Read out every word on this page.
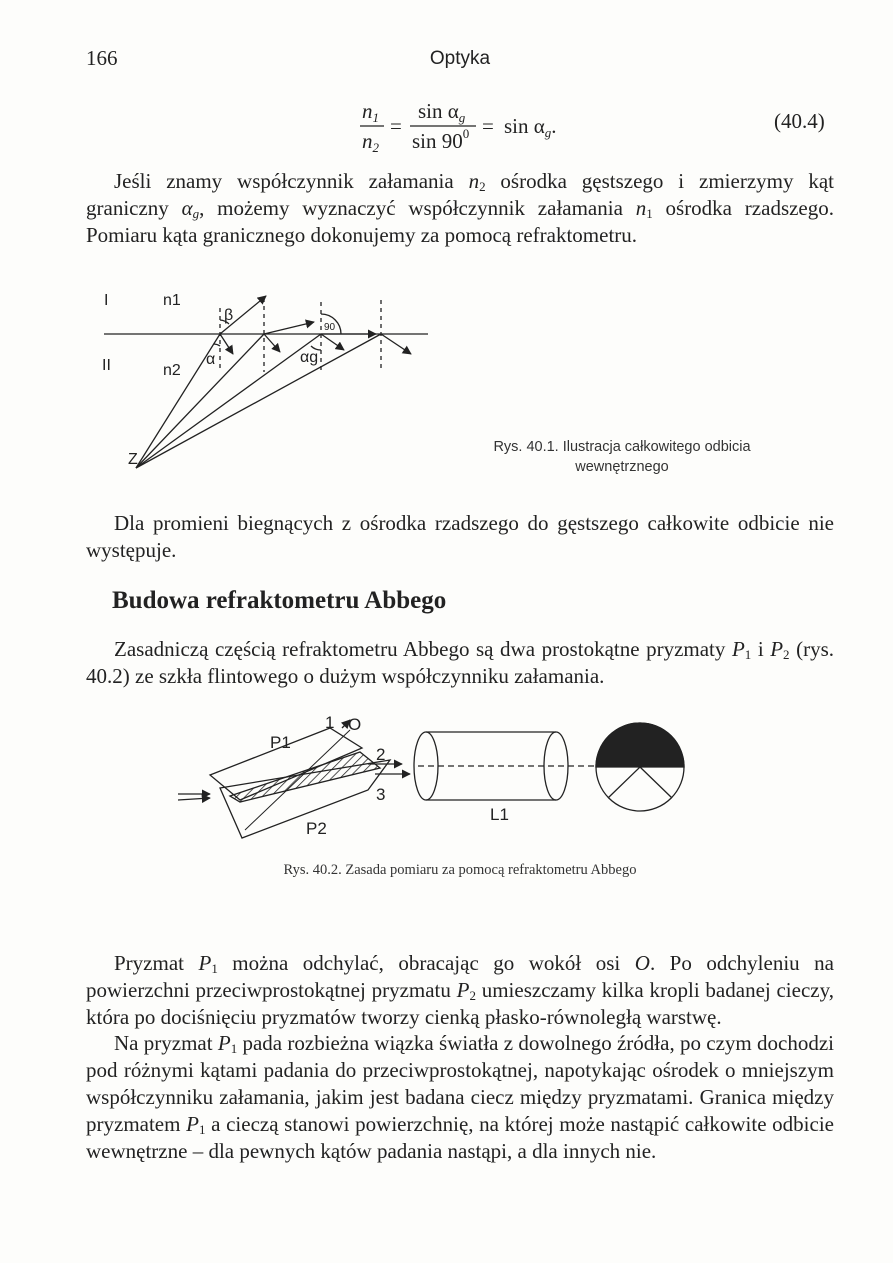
166	Optyka
n1
n2
=
sin αg
$\sin 90^0 = \sin \alpha g$.	(40.4)

Jeśli znamy współczynnik załamania $n_2$ ośrodka gęstszego i zmierzymy kąt graniczny $\alpha_g$, możemy wyznaczyć współczynnik załamania $n_1$ ośrodka rzadszego. Pomiaru kąta granicznego dokonujemy za pomocą refraktometru.

I
II
n1
n2
β
α
90
αg
Z
Rys. 40.1. Ilustracja całkowitego odbicia
wewnętrznego

Dla promieni biegnących z ośrodka rzadszego do gęstszego całkowite odbicie nie występuje.

Budowa refraktometru Abbego

Zasadniczą częścią refraktometru Abbego są dwa prostokątne pryzmaty $P_1$ i $P_2$ (rys. 40.2) ze szkła flintowego o dużym współczynniku załamania.

1 O
P1
2
3
P2
L1
Rys. 40.2. Zasada pomiaru za pomocą refraktometru Abbego

Pryzmat $P_1$ można odchylać, obracając go wokół osi O. Po odchyleniu na powierzchni przeciwprostokątnej pryzmatu $P_2$ umieszczamy kilka kropli badanej cieczy, która po dociśnięciu pryzmatów tworzy cienką płasko-równoległą warstwę.

Na pryzmat $P_1$ pada rozbieżna wiązka światła z dowolnego źródła, po czym dochodzi pod różnymi kątami padania do przeciwprostokątnej, napotykając ośrodek o mniejszym współczynniku załamania, jakim jest badana ciecz między pryzmatami. Granica między pryzmatem $P_1$ a cieczą stanowi powierzchnię, na której może nastąpić całkowite odbicie wewnętrzne – dla pewnych kątów padania nastąpi, a dla innych nie.
